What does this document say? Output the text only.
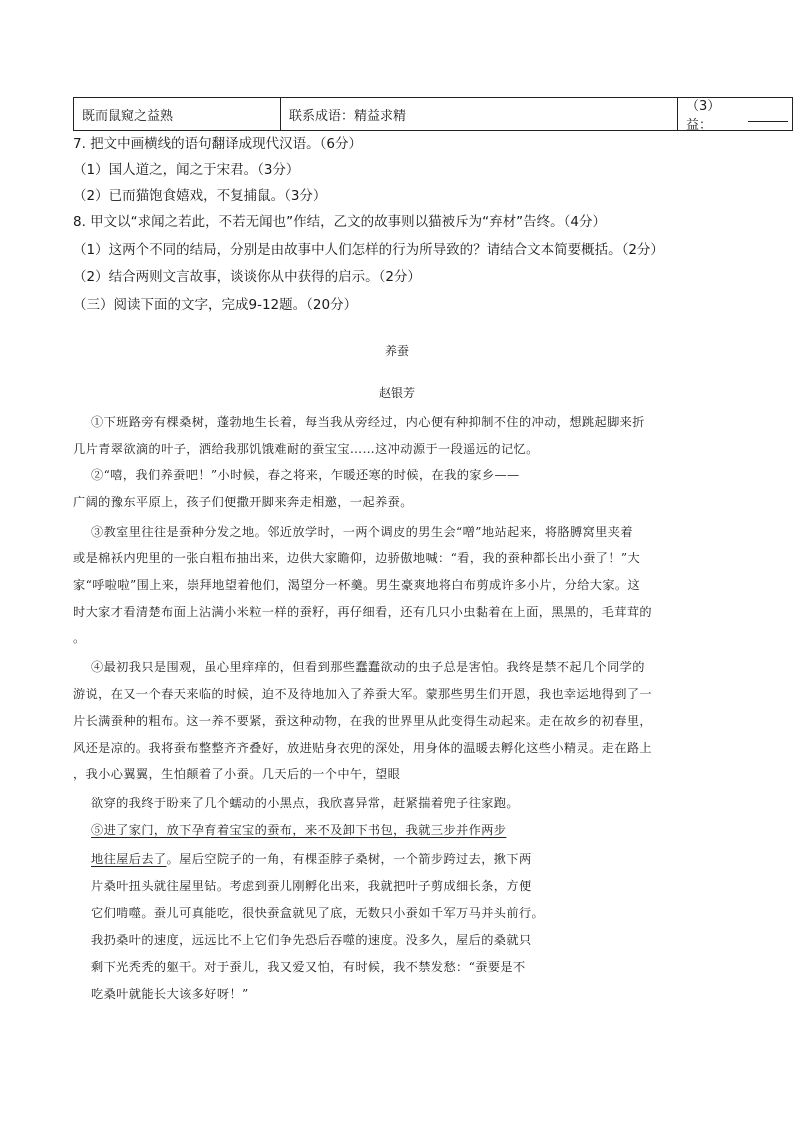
既而鼠窥之益熟	联系成语：精益求精
（3）益：
7. 把文中画横线的语句翻译成现代汉语。（6分）
（1）国人道之，闻之于宋君。（3分）
（2）已而猫饱食嬉戏，不复捕鼠。（3分）
8. 甲文以“求闻之若此，不若无闻也”作结，乙文的故事则以猫被斥为“弃材”告终。（4分）
（1）这两个不同的结局，分别是由故事中人们怎样的行为所导致的？请结合文本简要概括。（2分）
（2）结合两则文言故事，谈谈你从中获得的启示。（2分）
（三）阅读下面的文字，完成9-12题。（20分）
养蚕
赵银芳
①下班路旁有棵桑树，蓬勃地生长着，每当我从旁经过，内心便有种抑制不住的冲动，想跳起脚来折
几片青翠欲滴的叶子，洒给我那饥饿难耐的蚕宝宝……这冲动源于一段遥远的记忆。
②“嘻，我们养蚕吧！”小时候，春之将来，乍暖还寒的时候，在我的家乡——
广阔的豫东平原上，孩子们便撒开脚来奔走相邀，一起养蚕。
③教室里往往是蚕种分发之地。邻近放学时，一两个调皮的男生会“噌”地站起来，将胳膊窝里夹着
或是棉袄内兜里的一张白粗布抽出来，边供大家瞻仰，边骄傲地喊：“看，我的蚕种都长出小蚕了！”大
家“呼啦啦”围上来，崇拜地望着他们，渴望分一杯羹。男生豪爽地将白布剪成许多小片，分给大家。这
时大家才看清楚布面上沾满小米粒一样的蚕籽，再仔细看，还有几只小虫黏着在上面，黑黑的，毛茸茸的
。
④最初我只是围观，虽心里痒痒的，但看到那些蠢蠢欲动的虫子总是害怕。我终是禁不起几个同学的
游说，在又一个春天来临的时候，迫不及待地加入了养蚕大军。蒙那些男生们开恩，我也幸运地得到了一
片长满蚕种的粗布。这一养不要紧，蚕这种动物，在我的世界里从此变得生动起来。走在故乡的初春里，
风还是凉的。我将蚕布整整齐齐叠好，放进贴身衣兜的深处，用身体的温暖去孵化这些小精灵。走在路上
，我小心翼翼，生怕颠着了小蚕。几天后的一个中午，望眼
欲穿的我终于盼来了几个蠕动的小黑点，我欣喜异常，赶紧揣着兜子往家跑。
⑤进了家门，放下孕育着宝宝的蚕布，来不及卸下书包，我就三步并作两步
地往屋后去了。屋后空院子的一角，有棵歪脖子桑树，一个箭步跨过去，揪下两
片桑叶扭头就往屋里钻。考虑到蚕儿刚孵化出来，我就把叶子剪成细长条，方便
它们啃噬。蚕儿可真能吃，很快蚕盒就见了底，无数只小蚕如千军万马并头前行。
我扔桑叶的速度，远远比不上它们争先恐后吞噬的速度。没多久，屋后的桑就只
剩下光秃秃的躯干。对于蚕儿，我又爱又怕，有时候，我不禁发愁：“蚕要是不
吃桑叶就能长大该多好呀！”
